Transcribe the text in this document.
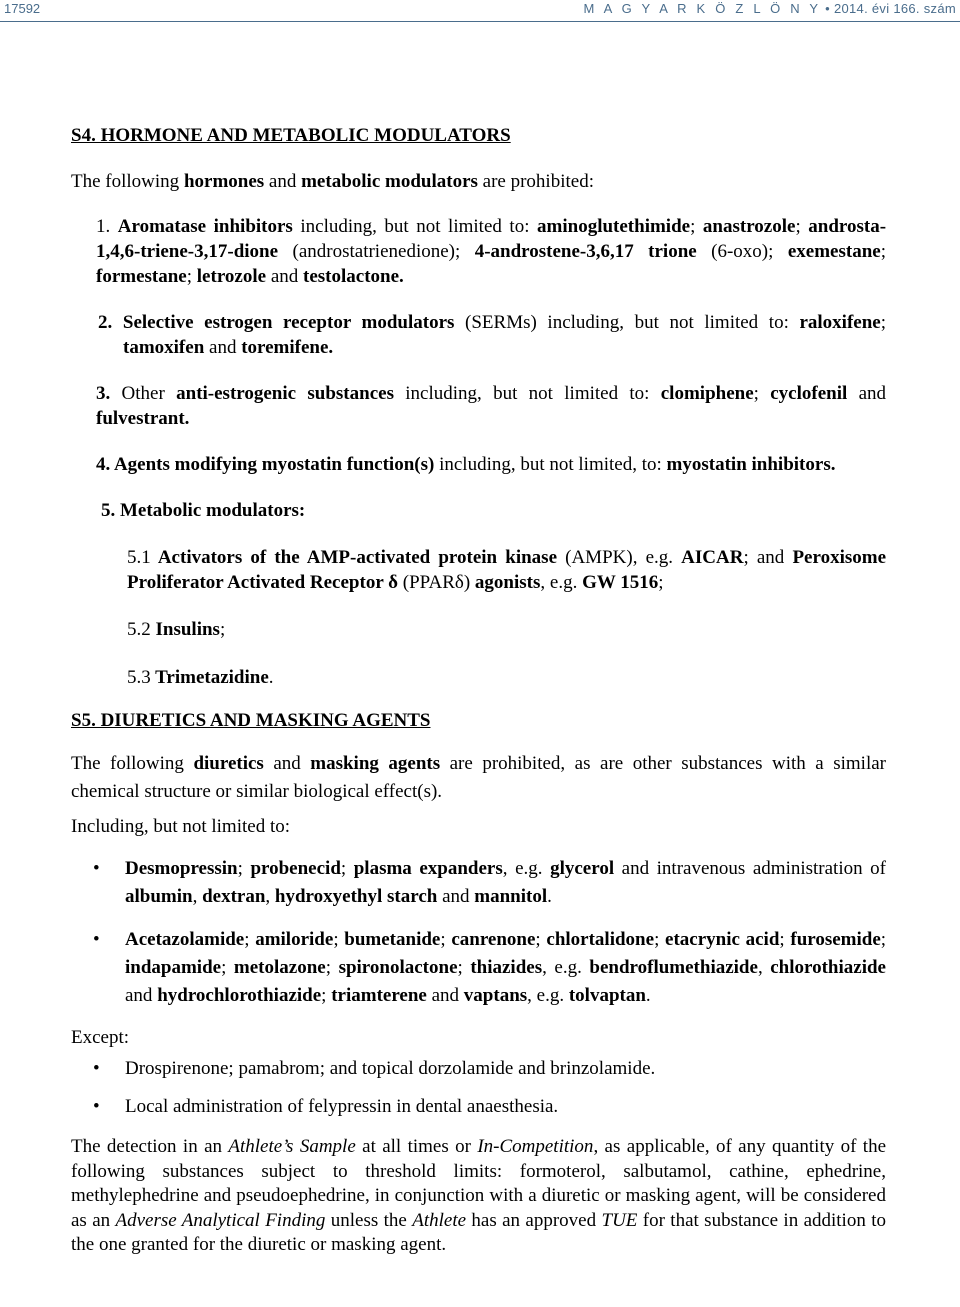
17592	M A G Y A R K Ö Z L Ö N Y • 2014. évi 166. szám

S4. HORMONE AND METABOLIC MODULATORS

The following hormones and metabolic modulators are prohibited:

1. Aromatase inhibitors including, but not limited to: aminoglutethimide; anastrozole; androsta-1,4,6-triene-3,17-dione (androstatrienedione); 4-androstene-3,6,17 trione (6-oxo); exemestane; formestane; letrozole and testolactone.

2. Selective estrogen receptor modulators (SERMs) including, but not limited to: raloxifene; tamoxifen and toremifene.

3. Other anti-estrogenic substances including, but not limited to: clomiphene; cyclofenil and fulvestrant.

4. Agents modifying myostatin function(s) including, but not limited, to: myostatin inhibitors.

5. Metabolic modulators:

5.1 Activators of the AMP-activated protein kinase (AMPK), e.g. AICAR; and Peroxisome Proliferator Activated Receptor δ (PPARδ) agonists, e.g. GW 1516;

5.2 Insulins;

5.3 Trimetazidine.

S5. DIURETICS AND MASKING AGENTS

The following diuretics and masking agents are prohibited, as are other substances with a similar chemical structure or similar biological effect(s).

Including, but not limited to:

• Desmopressin; probenecid; plasma expanders, e.g. glycerol and intravenous administration of albumin, dextran, hydroxyethyl starch and mannitol.
• Acetazolamide; amiloride; bumetanide; canrenone; chlortalidone; etacrynic acid; furosemide; indapamide; metolazone; spironolactone; thiazides, e.g. bendroflumethiazide, chlorothiazide and hydrochlorothiazide; triamterene and vaptans, e.g. tolvaptan.

Except:

• Drospirenone; pamabrom; and topical dorzolamide and brinzolamide.
• Local administration of felypressin in dental anaesthesia.

The detection in an Athlete’s Sample at all times or In-Competition, as applicable, of any quantity of the following substances subject to threshold limits: formoterol, salbutamol, cathine, ephedrine, methylephedrine and pseudoephedrine, in conjunction with a diuretic or masking agent, will be considered as an Adverse Analytical Finding unless the Athlete has an approved TUE for that substance in addition to the one granted for the diuretic or masking agent.
